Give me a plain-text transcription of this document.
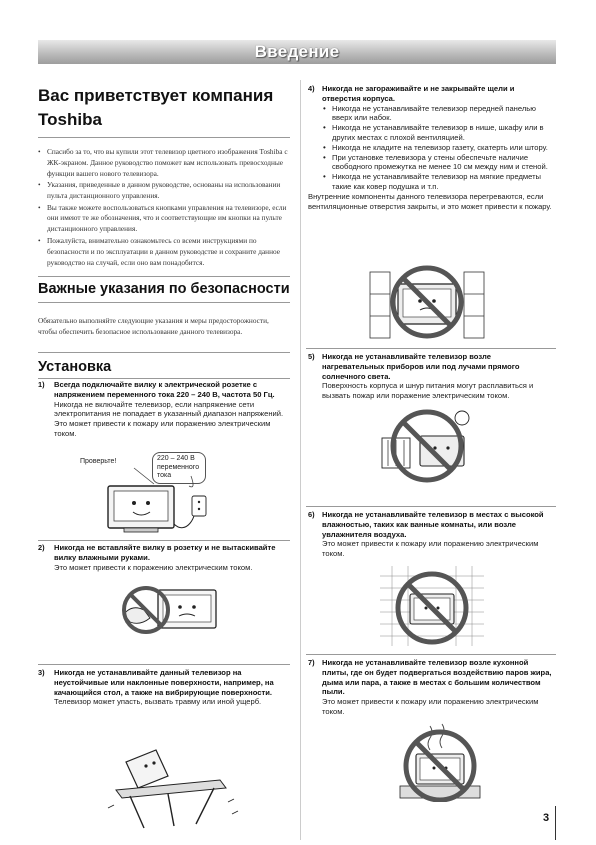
Введение
Вас приветствует компания Toshiba
• Спасибо за то, что вы купили этот телевизор цветного изображения Toshiba с ЖК-экраном. Данное руководство поможет вам использовать превосходные функции вашего нового телевизора.
• Указания, приведенные в данном руководстве, основаны на использовании пульта дистанционного управления.
• Вы также можете воспользоваться кнопками управления на телевизоре, если они имеют те же обозначения, что и соответствующие им кнопки на пульте дистанционного управления.
• Пожалуйста, внимательно ознакомьтесь со всеми инструкциями по безопасности и по эксплуатации в данном руководстве и сохраните данное руководство на случай, если оно вам понадобится.
Важные указания по безопасности
Обязательно выполняйте следующие указания и меры предосторожности, чтобы обеспечить безопасное использование данного телевизора.
Установка
1) Всегда подключайте вилку к электрической розетке с напряжением переменного тока 220 – 240 В, частота 50 Гц.
Никогда не включайте телевизор, если напряжение сети электропитания не попадает в указанный диапазон напряжений.
Это может привести к пожару или поражению электрическим током.
Проверьте!	220 – 240 В переменного тока
2) Никогда не вставляйте вилку в розетку и не вытаскивайте вилку влажными руками.
Это может привести к поражению электрическим током.
3) Никогда не устанавливайте данный телевизор на неустойчивые или наклонные поверхности, например, на качающийся стол, а также на вибрирующие поверхности.
Телевизор может упасть, вызвать травму или иной ущерб.
4) Никогда не загораживайте и не закрывайте щели и отверстия корпуса.
• Никогда не устанавливайте телевизор передней панелью вверх или набок.
• Никогда не устанавливайте телевизор в нише, шкафу или в других местах с плохой вентиляцией.
• Никогда не кладите на телевизор газету, скатерть или штору.
• При установке телевизора у стены обеспечьте наличие свободного промежутка не менее 10 см между ним и стеной.
• Никогда не устанавливайте телевизор на мягкие предметы такие как ковер подушка и т.п.
Внутренние компоненты данного телевизора перегреваются, если вентиляционные отверстия закрыты, и это может привести к пожару.
5) Никогда не устанавливайте телевизор возле нагревательных приборов или под лучами прямого солнечного света.
Поверхность корпуса и шнур питания могут расплавиться и вызвать пожар или поражение электрическим током.
6) Никогда не устанавливайте телевизор в местах с высокой влажностью, таких как ванные комнаты, или возле увлажнителя воздуха.
Это может привести к пожару или поражению электрическим током.
7) Никогда не устанавливайте телевизор возле кухонной плиты, где он будет подвергаться воздействию паров жира, дыма или пара, а также в местах с большим количеством пыли.
Это может привести к пожару или поражению электрическим током.
3
